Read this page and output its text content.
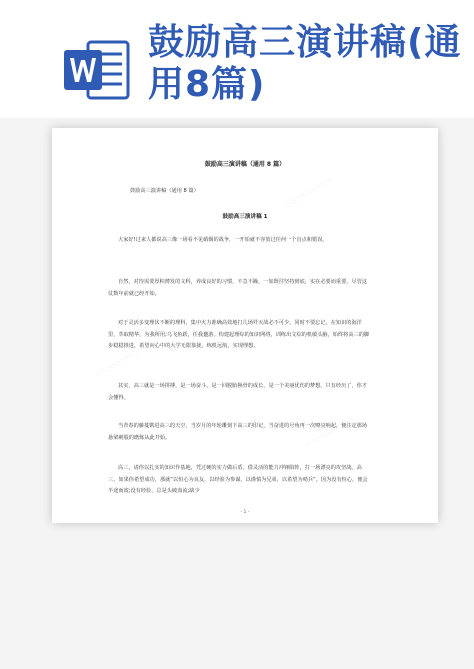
鼓励高三演讲稿(通用8篇)
◇◇◇◇◇◇◇◇◇◇
◇◇◇◇◇◇◇◇◇◇
◇◇◇◇◇◇◇◇◇◇

鼓励高三演讲稿（通用 8 篇）

鼓励高三演讲稿（通用 8 篇）

鼓励高三演讲稿 1

大家好!过来人都说高三像一场看不见硝烟的战争，一开始就不容放过任何一个盲点和错误。

自然，对待需要厚积薄发的文科，养成良好的习惯，不急不躁，一如既往坚持到底，实在必要而重要，尽管这仗数年前就已经开始。

对于灵活多变理伏不断的理科，集中火力准确高效地打几场歼灭战必不可少。同时不要忘记，在知识的海洋里，萃取精华，为我所用;乌飞鱼跃，任我邀游。构建起理综的知识网络，训练出文综的机敏头脑，始终将高三的脚步稳稳推进，希望向心中的大学无限靠拢，练机远航，实现理想。

其实，高三就是一场拼搏，是一场奋斗，是一回脱胎换骨的成长，是一个美丽优伤的梦想。只有经历了，你才会懂得。

当青春的藤蔓镌进高三的天空，当岁月的年轮雕刻下高三的印记，当奋进的号角再一次嘹亮响起，便注定那场悬梁刺股的磨炼从此开始。

高三，请你以扎实的知识作基地，凭过硬的实力做后盾，借灵活的能力冲锋陷阵，打一场漂亮的攻坚战。高三，如果你希望成功，那就“以恒心为良友，以经验为参谋，以谨慎为兄弟，以希望为哨兵”。因为没有恒心，便会半途而废;没有经验，总是头破血流;缺少

- 1 -
